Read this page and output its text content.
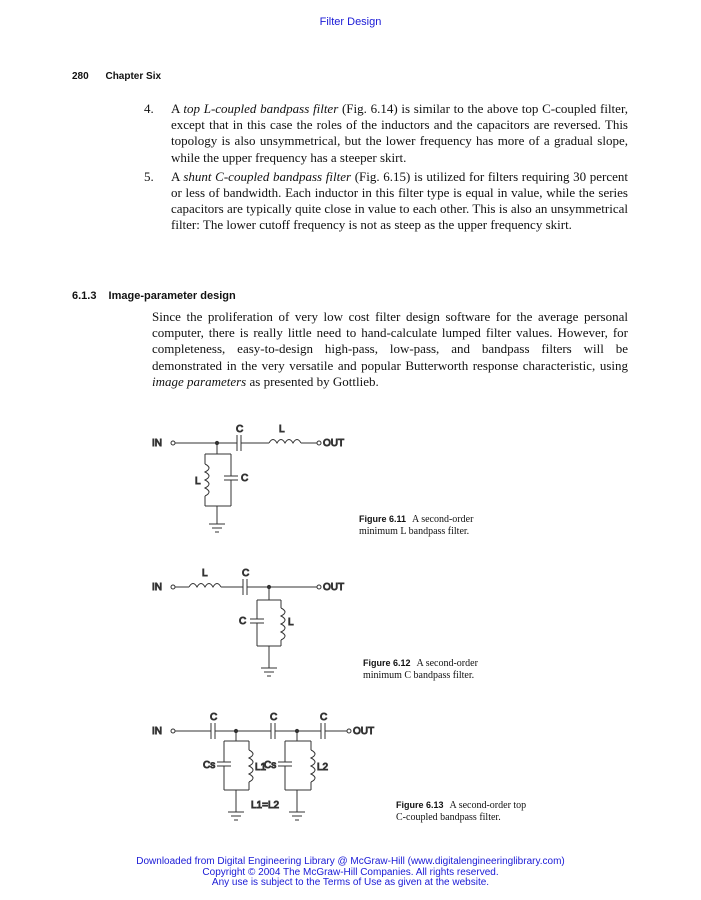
Filter Design
280 Chapter Six
4. A top L-coupled bandpass filter (Fig. 6.14) is similar to the above top C-coupled filter, except that in this case the roles of the inductors and the capacitors are reversed. This topology is also unsymmetrical, but the lower frequency has more of a gradual slope, while the upper frequency has a steeper skirt.
5. A shunt C-coupled bandpass filter (Fig. 6.15) is utilized for filters requiring 30 percent or less of bandwidth. Each inductor in this filter type is equal in value, while the series capacitors are typically quite close in value to each other. This is also an unsymmetrical filter: The lower cutoff frequency is not as steep as the upper frequency skirt.
6.1.3 Image-parameter design

Since the proliferation of very low cost filter design software for the average personal computer, there is really little need to hand-calculate lumped filter values. However, for completeness, easy-to-design high-pass, low-pass, and bandpass filters will be demonstrated in the very versatile and popular Butterworth response characteristic, using image parameters as presented by Gottlieb.

IN
C	L
OUT
L	C
Figure 6.11 A second-order
minimum L bandpass filter.
IN
L	C
OUT
C	L
Figure 6.12 A second-order
minimum C bandpass filter.
IN
C	C	C
OUT
Cs	L1
Cs	L2
L1=L2	Figure 6.13 A second-order top
C-coupled bandpass filter.
Downloaded from Digital Engineering Library @ McGraw-Hill (www.digitalengineeringlibrary.com)
Copyright © 2004 The McGraw-Hill Companies. All rights reserved.
Any use is subject to the Terms of Use as given at the website.
